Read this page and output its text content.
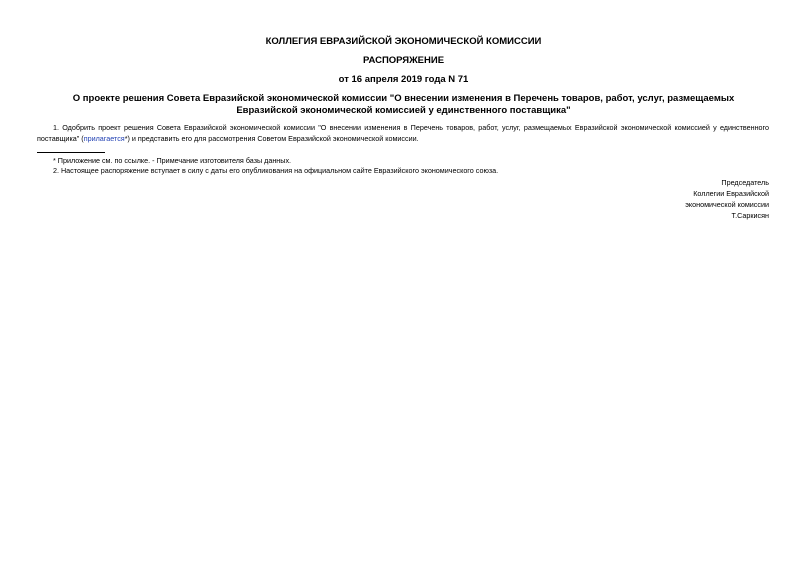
КОЛЛЕГИЯ ЕВРАЗИЙСКОЙ ЭКОНОМИЧЕСКОЙ КОМИССИИ
РАСПОРЯЖЕНИЕ
от 16 апреля 2019 года N 71
О проекте решения Совета Евразийской экономической комиссии "О внесении изменения в Перечень товаров, работ, услуг, размещаемых Евразийской экономической комиссией у единственного поставщика"
1. Одобрить проект решения Совета Евразийской экономической комиссии "О внесении изменения в Перечень товаров, работ, услуг, размещаемых Евразийской экономической комиссией у единственного поставщика" (прилагается*) и представить его для рассмотрения Советом Евразийской экономической комиссии.
* Приложение см. по ссылке. - Примечание изготовителя базы данных.
2. Настоящее распоряжение вступает в силу с даты его опубликования на официальном сайте Евразийского экономического союза.
Председатель
Коллегии Евразийской
экономической комиссии
Т.Саркисян
